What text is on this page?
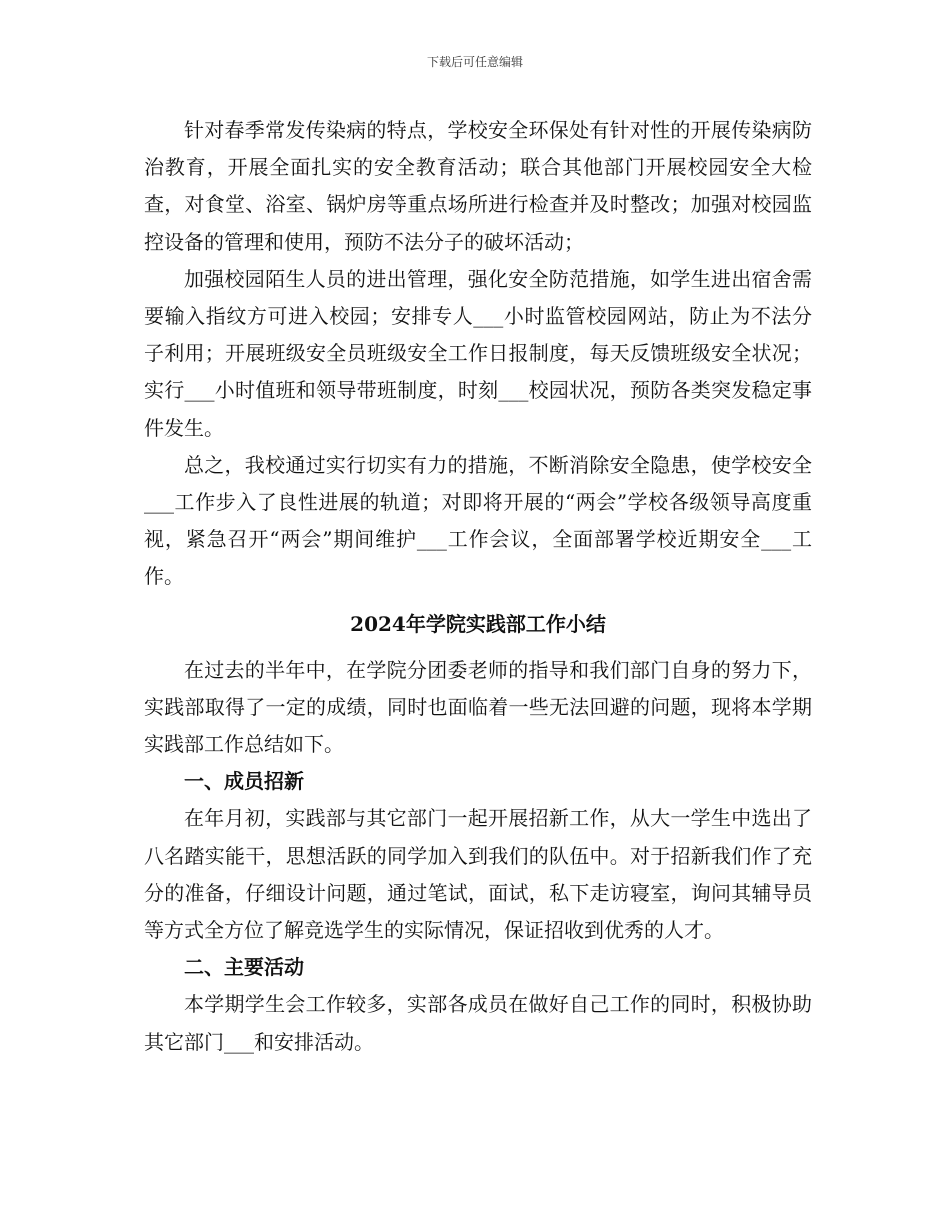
下载后可任意编辑

针对春季常发传染病的特点，学校安全环保处有针对性的开展传染病防治教育，开展全面扎实的安全教育活动；联合其他部门开展校园安全大检查，对食堂、浴室、锅炉房等重点场所进行检查并及时整改；加强对校园监控设备的管理和使用，预防不法分子的破坏活动；

加强校园陌生人员的进出管理，强化安全防范措施，如学生进出宿舍需要输入指纹方可进入校园；安排专人___小时监管校园网站，防止为不法分子利用；开展班级安全员班级安全工作日报制度，每天反馈班级安全状况；实行___小时值班和领导带班制度，时刻___校园状况，预防各类突发稳定事件发生。

总之，我校通过实行切实有力的措施，不断消除安全隐患，使学校安全___工作步入了良性进展的轨道；对即将开展的“两会”学校各级领导高度重视，紧急召开“两会”期间维护___工作会议，全面部署学校近期安全___工作。

2024年学院实践部工作小结

在过去的半年中，在学院分团委老师的指导和我们部门自身的努力下，实践部取得了一定的成绩，同时也面临着一些无法回避的问题，现将本学期实践部工作总结如下。

一、成员招新

在年月初，实践部与其它部门一起开展招新工作，从大一学生中选出了八名踏实能干，思想活跃的同学加入到我们的队伍中。对于招新我们作了充分的准备，仔细设计问题，通过笔试，面试，私下走访寝室，询问其辅导员等方式全方位了解竞选学生的实际情况，保证招收到优秀的人才。

二、主要活动

本学期学生会工作较多，实部各成员在做好自己工作的同时，积极协助其它部门___和安排活动。
